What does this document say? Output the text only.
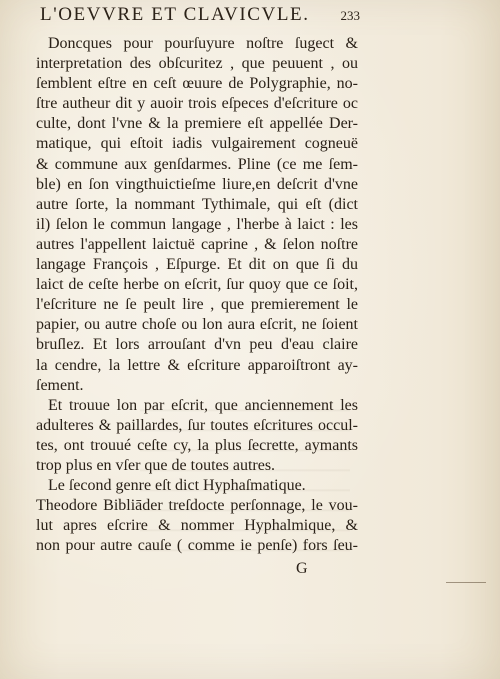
L'OEVVRE ET CLAVICVLE. 233
Doncques pour pourſuyure noſtre ſugect &
interpretation des obſcuritez , que peuuent , ou
ſemblent eſtre en ceſt œuure de Polygraphie, no-
ſtre autheur dit y auoir trois eſpeces d'eſcriture oc
culte, dont l'vne & la premiere eſt appellée Der-
matique, qui eſtoit iadis vulgairement cogneuë
& commune aux genſdarmes. Pline (ce me ſem-
ble) en ſon vingthuictieſme liure,en deſcrit d'vne
autre ſorte, la nommant Tythimale, qui eſt (dict
il) ſelon le commun langage , l'herbe à laict : les
autres l'appellent laictuë caprine , & ſelon noſtre
langage François , Eſpurge. Et dit on que ſi du
laict de ceſte herbe on eſcrit, ſur quoy que ce ſoit,
l'eſcriture ne ſe peult lire , que premierement le
papier, ou autre choſe ou lon aura eſcrit, ne ſoient
bruſlez. Et lors arrouſant d'vn peu d'eau claire
la cendre, la lettre & eſcriture apparoiſtront ay-
ſement.
Et trouue lon par eſcrit, que anciennement les
adulteres & paillardes, ſur toutes eſcritures occul-
tes, ont trouué ceſte cy, la plus ſecrette, aymants
trop plus en vſer que de toutes autres.
Le ſecond genre eſt dict Hyphaſmatique.
Theodore Bibliāder treſdocte perſonnage, le vou-
lut apres eſcrire & nommer Hyphalmique, &
non pour autre cauſe ( comme ie penſe) fors ſeu-
G
